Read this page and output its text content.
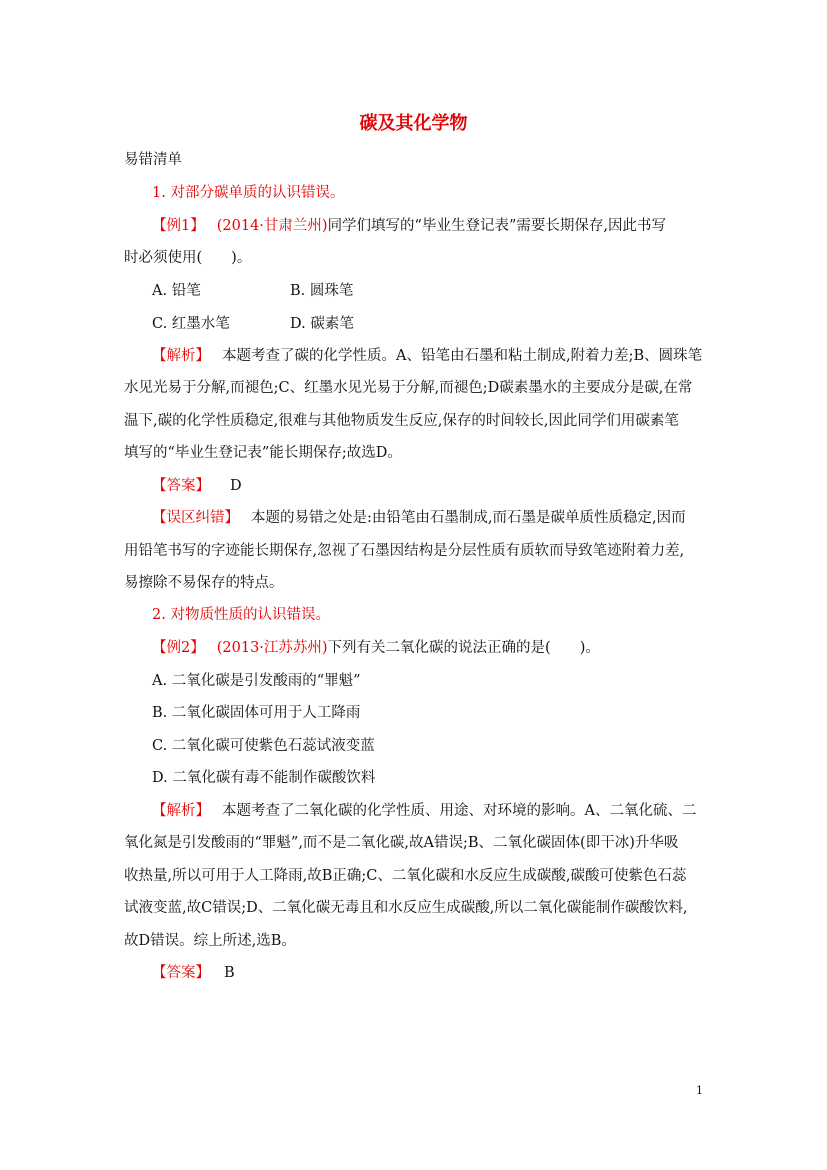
碳及其化学物
易错清单
1. 对部分碳单质的认识错误。
【例1】 (2014·甘肃兰州)同学们填写的“毕业生登记表”需要长期保存,因此书写
时必须使用(　　)。
A. 铅笔	B. 圆珠笔
C. 红墨水笔	D. 碳素笔
【解析】 本题考查了碳的化学性质。A、铅笔由石墨和粘土制成,附着力差;B、圆珠笔
水见光易于分解,而褪色;C、红墨水见光易于分解,而褪色;D碳素墨水的主要成分是碳,在常
温下,碳的化学性质稳定,很难与其他物质发生反应,保存的时间较长,因此同学们用碳素笔
填写的“毕业生登记表”能长期保存;故选D。
【答案】 D
【误区纠错】 本题的易错之处是:由铅笔由石墨制成,而石墨是碳单质性质稳定,因而
用铅笔书写的字迹能长期保存,忽视了石墨因结构是分层性质有质软而导致笔迹附着力差,
易擦除不易保存的特点。
2. 对物质性质的认识错误。
【例2】 (2013·江苏苏州)下列有关二氧化碳的说法正确的是(　　)。
A. 二氧化碳是引发酸雨的“罪魁”
B. 二氧化碳固体可用于人工降雨
C. 二氧化碳可使紫色石蕊试液变蓝
D. 二氧化碳有毒不能制作碳酸饮料
【解析】 本题考查了二氧化碳的化学性质、用途、对环境的影响。A、二氧化硫、二
氧化氮是引发酸雨的“罪魁”,而不是二氧化碳,故A错误;B、二氧化碳固体(即干冰)升华吸
收热量,所以可用于人工降雨,故B正确;C、二氧化碳和水反应生成碳酸,碳酸可使紫色石蕊
试液变蓝,故C错误;D、二氧化碳无毒且和水反应生成碳酸,所以二氧化碳能制作碳酸饮料,
故D错误。综上所述,选B。
【答案】 B
1
